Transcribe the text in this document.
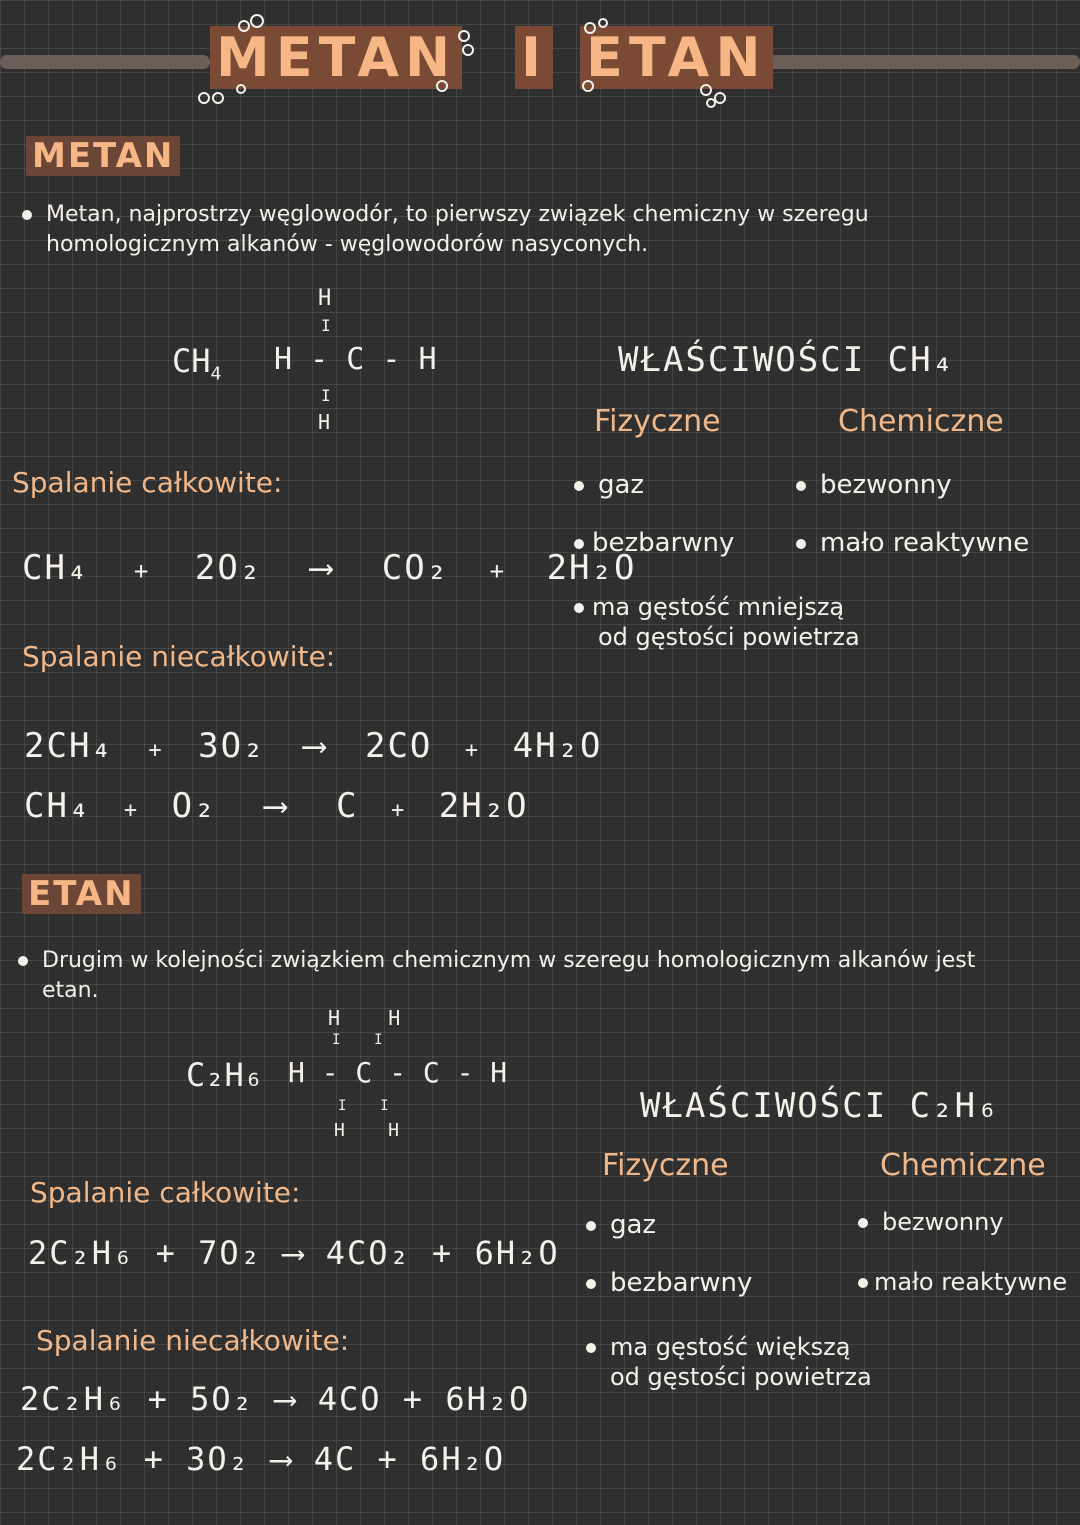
METAN I ETAN
METAN
Metan, najprostrzy węglowodór, to pierwszy związek chemiczny w szeregu
homologicznym alkanów - węglowodorów nasyconych.
$CH_4$
H
I
H - C - H
I
H
Spalanie całkowite:
CH₄ + 2O₂ ⟶ CO₂ + 2H₂O
Spalanie niecałkowite:
2CH₄ + 3O₂ ⟶ 2CO + 4H₂O
CH₄ + O₂ ⟶ C + 2H₂O
WŁAŚCIWOŚCI CH₄
Fizyczne	Chemiczne
gaz
bezbarwny
ma gęstość mniejszą
od gęstości powietrza
bezwonny
mało reaktywne
ETAN
Drugim w kolejności związkiem chemicznym w szeregu homologicznym alkanów jest
etan.
C₂H₆
H    H
I    I
H - C - C - H
I    I
H    H
Spalanie całkowite:
2C₂H₆ + 7O₂ ⟶ 4CO₂ + 6H₂O
Spalanie niecałkowite:
2C₂H₆ + 5O₂ ⟶ 4CO + 6H₂O
2C₂H₆ + 3O₂ ⟶ 4C + 6H₂O
WŁAŚCIWOŚCI C₂H₆
Fizyczne	Chemiczne
gaz
bezbarwny
ma gęstość większą
od gęstości powietrza
bezwonny
mało reaktywne
